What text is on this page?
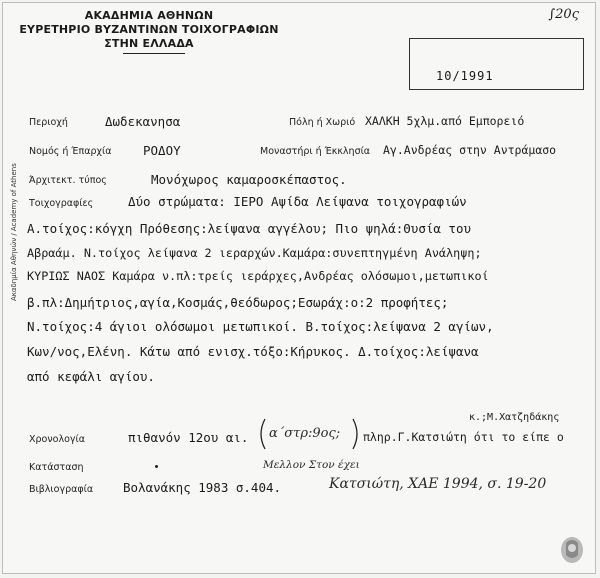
ΑΚΑΔΗΜΙΑ ΑΘΗΝΩΝ
ΕΥΡΕΤΗΡΙΟ ΒΥΖΑΝΤΙΝΩΝ ΤΟΙΧΟΓΡΑΦΙΩΝ
ΣΤΗΝ ΕΛΛΑΔΑ
∫20ς
10/1991
Ακαδημία Αθηνών / Academy of Athens
Περιοχή	Δωδεκανησα	Πόλη ή Χωριό ΧΑΛΚΗ 5χλμ.από Εμπορειό
Νομός ή Έπαρχία	ΡΟΔΟΥ	Μοναστήρι ή Έκκλησία Αγ.Ανδρέας στην Αντράμασο
Άρχιτεκτ. τύπος	Μονόχωρος καμαροσκέπαστος.
Τοιχογραφίες	Δύο στρώματα: ΙΕΡΟ Αψίδα Λείψανα τοιχογραφιών
Α.τοίχος:κόγχη Πρόθεσης:λείψανα αγγέλου; Πιο ψηλά:Θυσία του
Αβραάμ. Ν.τοίχος λείψανα 2 ιεραρχών.Καμάρα:συνεπτηγμένη Ανάληψη;
ΚΥΡΙΩΣ ΝΑΟΣ Καμάρα ν.πλ:τρείς ιεράρχες,Ανδρέας ολόσωμοι,μετωπικοί
β.πλ:Δημήτριος,αγία,Κοσμάς,θεόδωρος;Εσωράχ:ο:2 προφήτες;
Ν.τοίχος:4 άγιοι ολόσωμοι μετωπικοί. Β.τοίχος:λείψανα 2 αγίων,
Κων/νος,Ελένη. Κάτω από ενισχ.τόξο:Κήρυκος. Δ.τοίχος:λείψανα
από κεφάλι αγίου.
κ.;Μ.Χατζηδάκης
Χρονολογία	πιθανόν 12ου αι. α΄στρ:9ος; πληρ.Γ.Κατσιώτη ότι το είπε ο
Κατάσταση	Μελλον Στον έχει
Βιβλιογραφία Βολανάκης 1983 σ.404.	Κατσιώτη, ΧΑΕ 1994, σ. 19-20
